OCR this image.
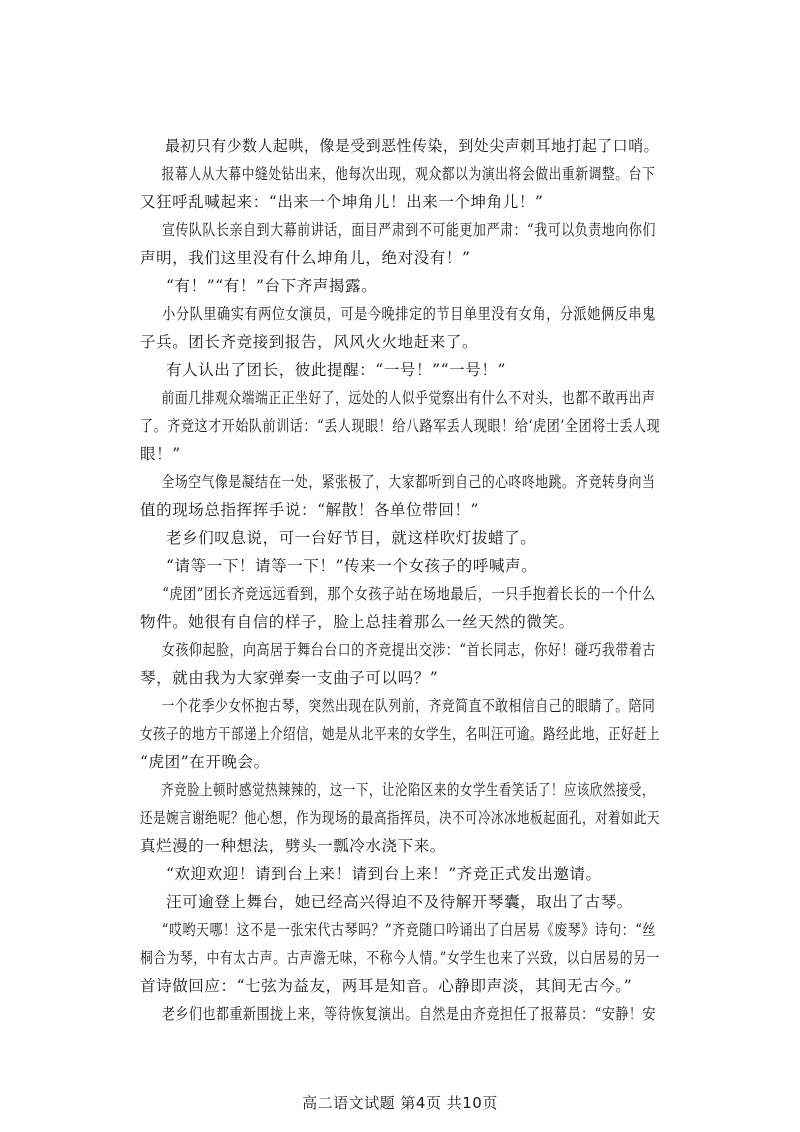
最初只有少数人起哄，像是受到恶性传染，到处尖声刺耳地打起了口哨。
报幕人从大幕中缝处钻出来，他每次出现，观众都以为演出将会做出重新调整。台下
又狂呼乱喊起来：“出来一个坤角儿！出来一个坤角儿！”
宣传队队长亲自到大幕前讲话，面目严肃到不可能更加严肃：“我可以负责地向你们
声明，我们这里没有什么坤角儿，绝对没有！”
“有！”“有！”台下齐声揭露。
小分队里确实有两位女演员，可是今晚排定的节目单里没有女角，分派她俩反串鬼
子兵。团长齐竞接到报告，风风火火地赶来了。
有人认出了团长，彼此提醒：“一号！”“一号！”
前面几排观众端端正正坐好了，远处的人似乎觉察出有什么不对头，也都不敢再出声
了。齐竞这才开始队前训话：“丢人现眼！给八路军丢人现眼！给‘虎团’全团将士丢人现
眼！”
全场空气像是凝结在一处，紧张极了，大家都听到自己的心咚咚地跳。齐竞转身向当
值的现场总指挥挥手说：“解散！各单位带回！”
老乡们叹息说，可一台好节目，就这样吹灯拔蜡了。
“请等一下！请等一下！”传来一个女孩子的呼喊声。
“虎团”团长齐竞远远看到，那个女孩子站在场地最后，一只手抱着长长的一个什么
物件。她很有自信的样子，脸上总挂着那么一丝天然的微笑。
女孩仰起脸，向高居于舞台台口的齐竞提出交涉：“首长同志，你好！碰巧我带着古
琴，就由我为大家弹奏一支曲子可以吗？”
一个花季少女怀抱古琴，突然出现在队列前，齐竞简直不敢相信自己的眼睛了。陪同
女孩子的地方干部递上介绍信，她是从北平来的女学生，名叫汪可逾。路经此地，正好赶上
“虎团”在开晚会。
齐竞脸上顿时感觉热辣辣的，这一下，让沦陷区来的女学生看笑话了！应该欣然接受，
还是婉言谢绝呢？他心想，作为现场的最高指挥员，决不可冷冰冰地板起面孔，对着如此天
真烂漫的一种想法，劈头一瓢冷水浇下来。
“欢迎欢迎！请到台上来！请到台上来！”齐竞正式发出邀请。
汪可逾登上舞台，她已经高兴得迫不及待解开琴囊，取出了古琴。
“哎哟天哪！这不是一张宋代古琴吗？”齐竞随口吟诵出了白居易《废琴》诗句：“丝
桐合为琴，中有太古声。古声澹无味，不称今人情。”女学生也来了兴致，以白居易的另一
首诗做回应：“七弦为益友，两耳是知音。心静即声淡，其间无古今。”
老乡们也都重新围拢上来，等待恢复演出。自然是由齐竞担任了报幕员：“安静！安
高二语文试题 第4页 共10页
